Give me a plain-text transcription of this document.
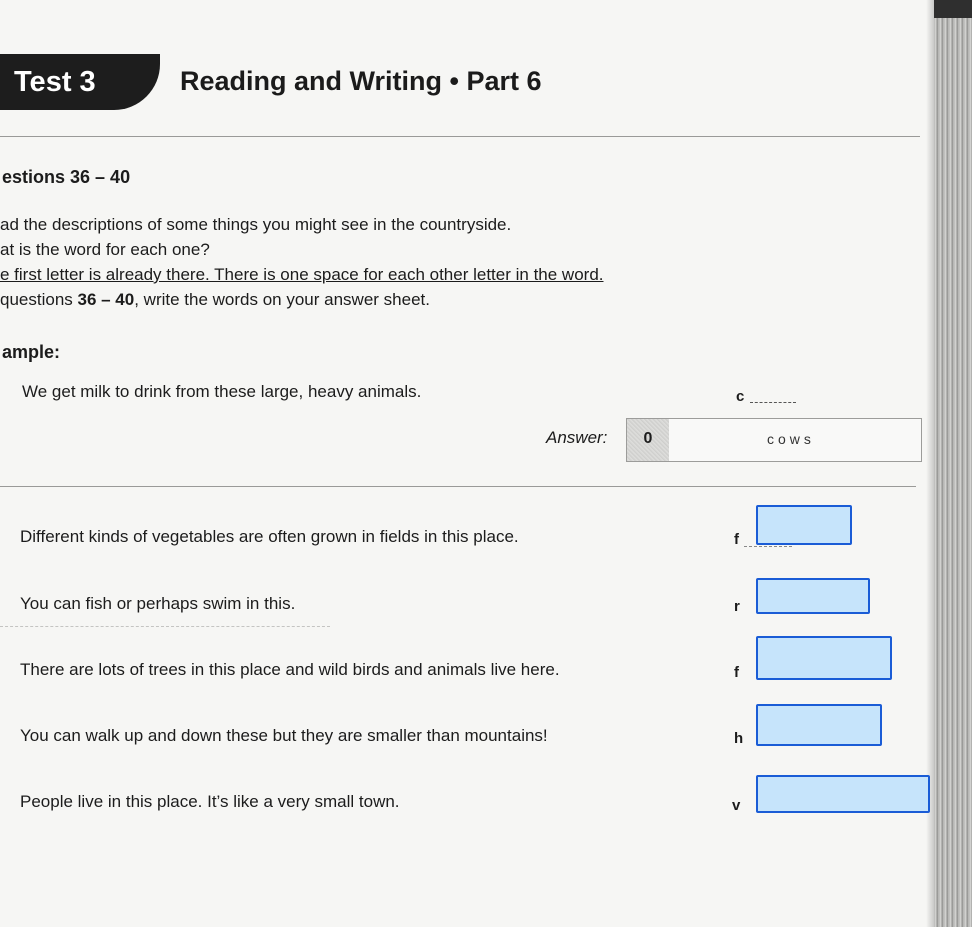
Test 3	Reading and Writing • Part 6
estions 36 – 40
ad the descriptions of some things you might see in the countryside.
at is the word for each one?
e first letter is already there. There is one space for each other letter in the word.
questions 36 – 40, write the words on your answer sheet.
ample:
We get milk to drink from these large, heavy animals.	c
Answer:	0	cows
Different kinds of vegetables are often grown in fields in this place.	f
You can fish or perhaps swim in this.	r
There are lots of trees in this place and wild birds and animals live here.	f
You can walk up and down these but they are smaller than mountains!	h
People live in this place. It’s like a very small town.	v
